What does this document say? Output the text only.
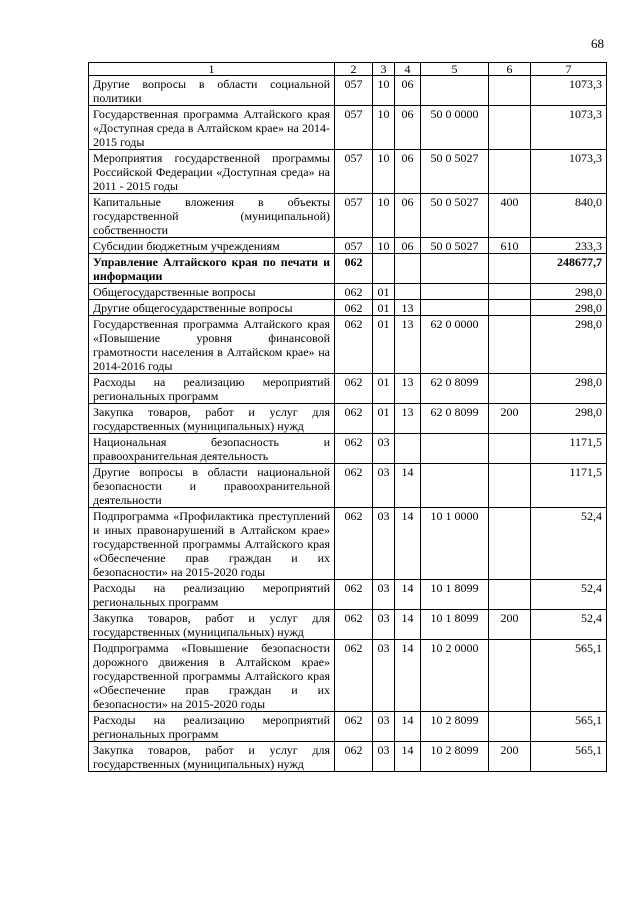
68
1	2	3	4	5	6	7
Другие вопросы в области социальной политики	057	10	06			1073,3
Государственная программа Алтайского края «Доступная среда в Алтайском крае» на 2014-2015 годы	057	10	06	50 0 0000		1073,3
Мероприятия государственной программы Российской Федерации «Доступная среда» на 2011 - 2015 годы	057	10	06	50 0 5027		1073,3
Капитальные вложения в объекты государственной (муниципальной) собственности	057	10	06	50 0 5027	400	840,0
Субсидии бюджетным учреждениям	057	10	06	50 0 5027	610	233,3
Управление Алтайского края по печати и информации	062					248677,7
Общегосударственные вопросы	062	01				298,0
Другие общегосударственные вопросы	062	01	13			298,0
Государственная программа Алтайского края «Повышение уровня финансовой грамотности населения в Алтайском крае» на 2014-2016 годы	062	01	13	62 0 0000		298,0
Расходы на реализацию мероприятий региональных программ	062	01	13	62 0 8099		298,0
Закупка товаров, работ и услуг для государственных (муниципальных) нужд	062	01	13	62 0 8099	200	298,0
Национальная безопасность и правоохранительная деятельность	062	03				1171,5
Другие вопросы в области национальной безопасности и правоохранительной деятельности	062	03	14			1171,5
Подпрограмма «Профилактика преступлений и иных правонарушений в Алтайском крае» государственной программы Алтайского края «Обеспечение прав граждан и их безопасности» на 2015-2020 годы	062	03	14	10 1 0000		52,4
Расходы на реализацию мероприятий региональных программ	062	03	14	10 1 8099		52,4
Закупка товаров, работ и услуг для государственных (муниципальных) нужд	062	03	14	10 1 8099	200	52,4
Подпрограмма «Повышение безопасности дорожного движения в Алтайском крае» государственной программы Алтайского края «Обеспечение прав граждан и их безопасности» на 2015-2020 годы	062	03	14	10 2 0000		565,1
Расходы на реализацию мероприятий региональных программ	062	03	14	10 2 8099		565,1
Закупка товаров, работ и услуг для государственных (муниципальных) нужд	062	03	14	10 2 8099	200	565,1
